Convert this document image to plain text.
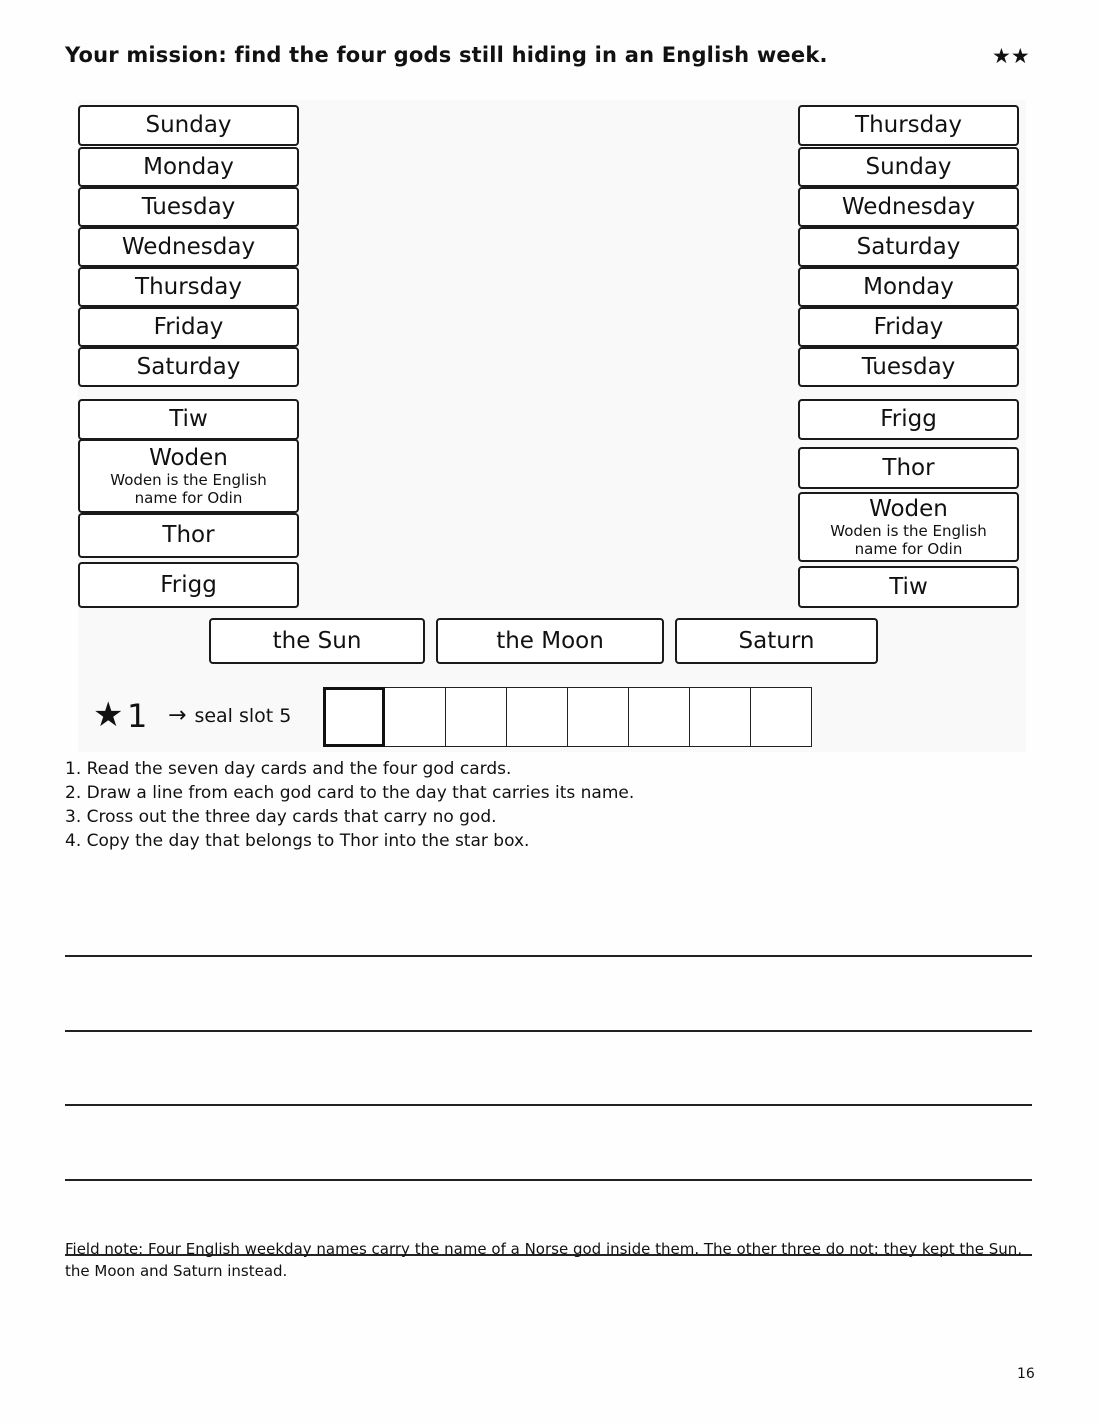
Your mission: find the four gods still hiding in an English week.	★★
Sunday
Monday
Tuesday
Wednesday
Thursday
Friday
Saturday
Tiw
Woden
Woden is the English name for Odin
Thor
Frigg
Thursday
Sunday
Wednesday
Saturday
Monday
Friday
Tuesday
Frigg
Thor
Woden
Woden is the English name for Odin
Tiw
the Sun	the Moon	Saturn
★ 1 → seal slot 5
1. Read the seven day cards and the four god cards.
2. Draw a line from each god card to the day that carries its name.
3. Cross out the three day cards that carry no god.
4. Copy the day that belongs to Thor into the star box.

Field note: Four English weekday names carry the name of a Norse god inside them. The other three do not: they kept the Sun, the Moon and Saturn instead.

16
